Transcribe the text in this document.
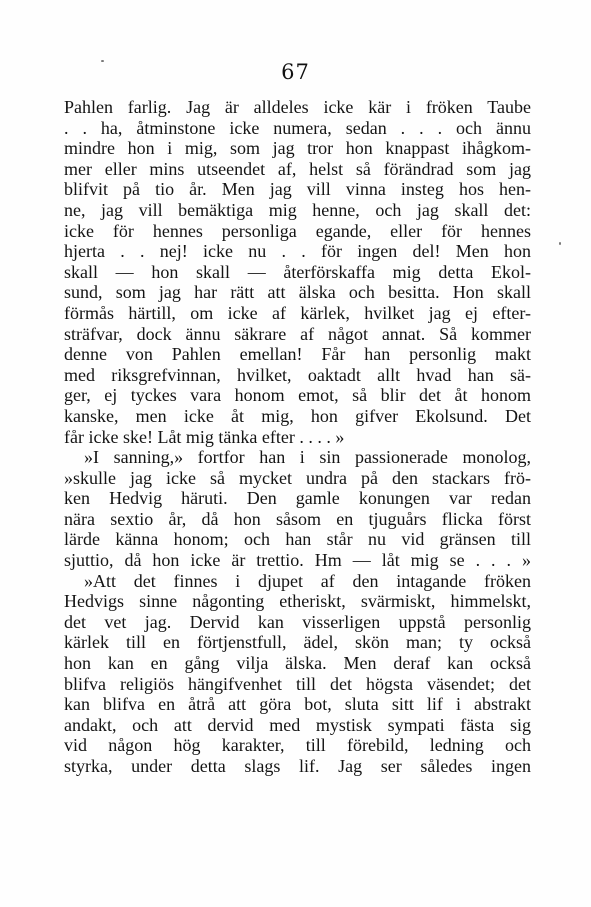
67
Pahlen farlig. Jag är alldeles icke kär i fröken Taube
. . ha, åtminstone icke numera, sedan . . . och ännu
mindre hon i mig, som jag tror hon knappast ihågkom-
mer eller mins utseendet af, helst så förändrad som jag
blifvit på tio år. Men jag vill vinna insteg hos hen-
ne, jag vill bemäktiga mig henne, och jag skall det:
icke för hennes personliga egande, eller för hennes
hjerta . . nej! icke nu . . för ingen del! Men hon
skall — hon skall — återförskaffa mig detta Ekol-
sund, som jag har rätt att älska och besitta. Hon skall
förmås härtill, om icke af kärlek, hvilket jag ej efter-
sträfvar, dock ännu säkrare af något annat. Så kommer
denne von Pahlen emellan! Får han personlig makt
med riksgrefvinnan, hvilket, oaktadt allt hvad han sä-
ger, ej tyckes vara honom emot, så blir det åt honom
kanske, men icke åt mig, hon gifver Ekolsund. Det
får icke ske! Låt mig tänka efter . . . . »
»I sanning,» fortfor han i sin passionerade monolog,
»skulle jag icke så mycket undra på den stackars frö-
ken Hedvig häruti. Den gamle konungen var redan
nära sextio år, då hon såsom en tjuguårs flicka först
lärde känna honom; och han står nu vid gränsen till
sjuttio, då hon icke är trettio. Hm — låt mig se . . . »
»Att det finnes i djupet af den intagande fröken
Hedvigs sinne någonting etheriskt, svärmiskt, himmelskt,
det vet jag. Dervid kan visserligen uppstå personlig
kärlek till en förtjenstfull, ädel, skön man; ty också
hon kan en gång vilja älska. Men deraf kan också
blifva religiös hängifvenhet till det högsta väsendet; det
kan blifva en åtrå att göra bot, sluta sitt lif i abstrakt
andakt, och att dervid med mystisk sympati fästa sig
vid någon hög karakter, till förebild, ledning och
styrka, under detta slags lif. Jag ser således ingen
